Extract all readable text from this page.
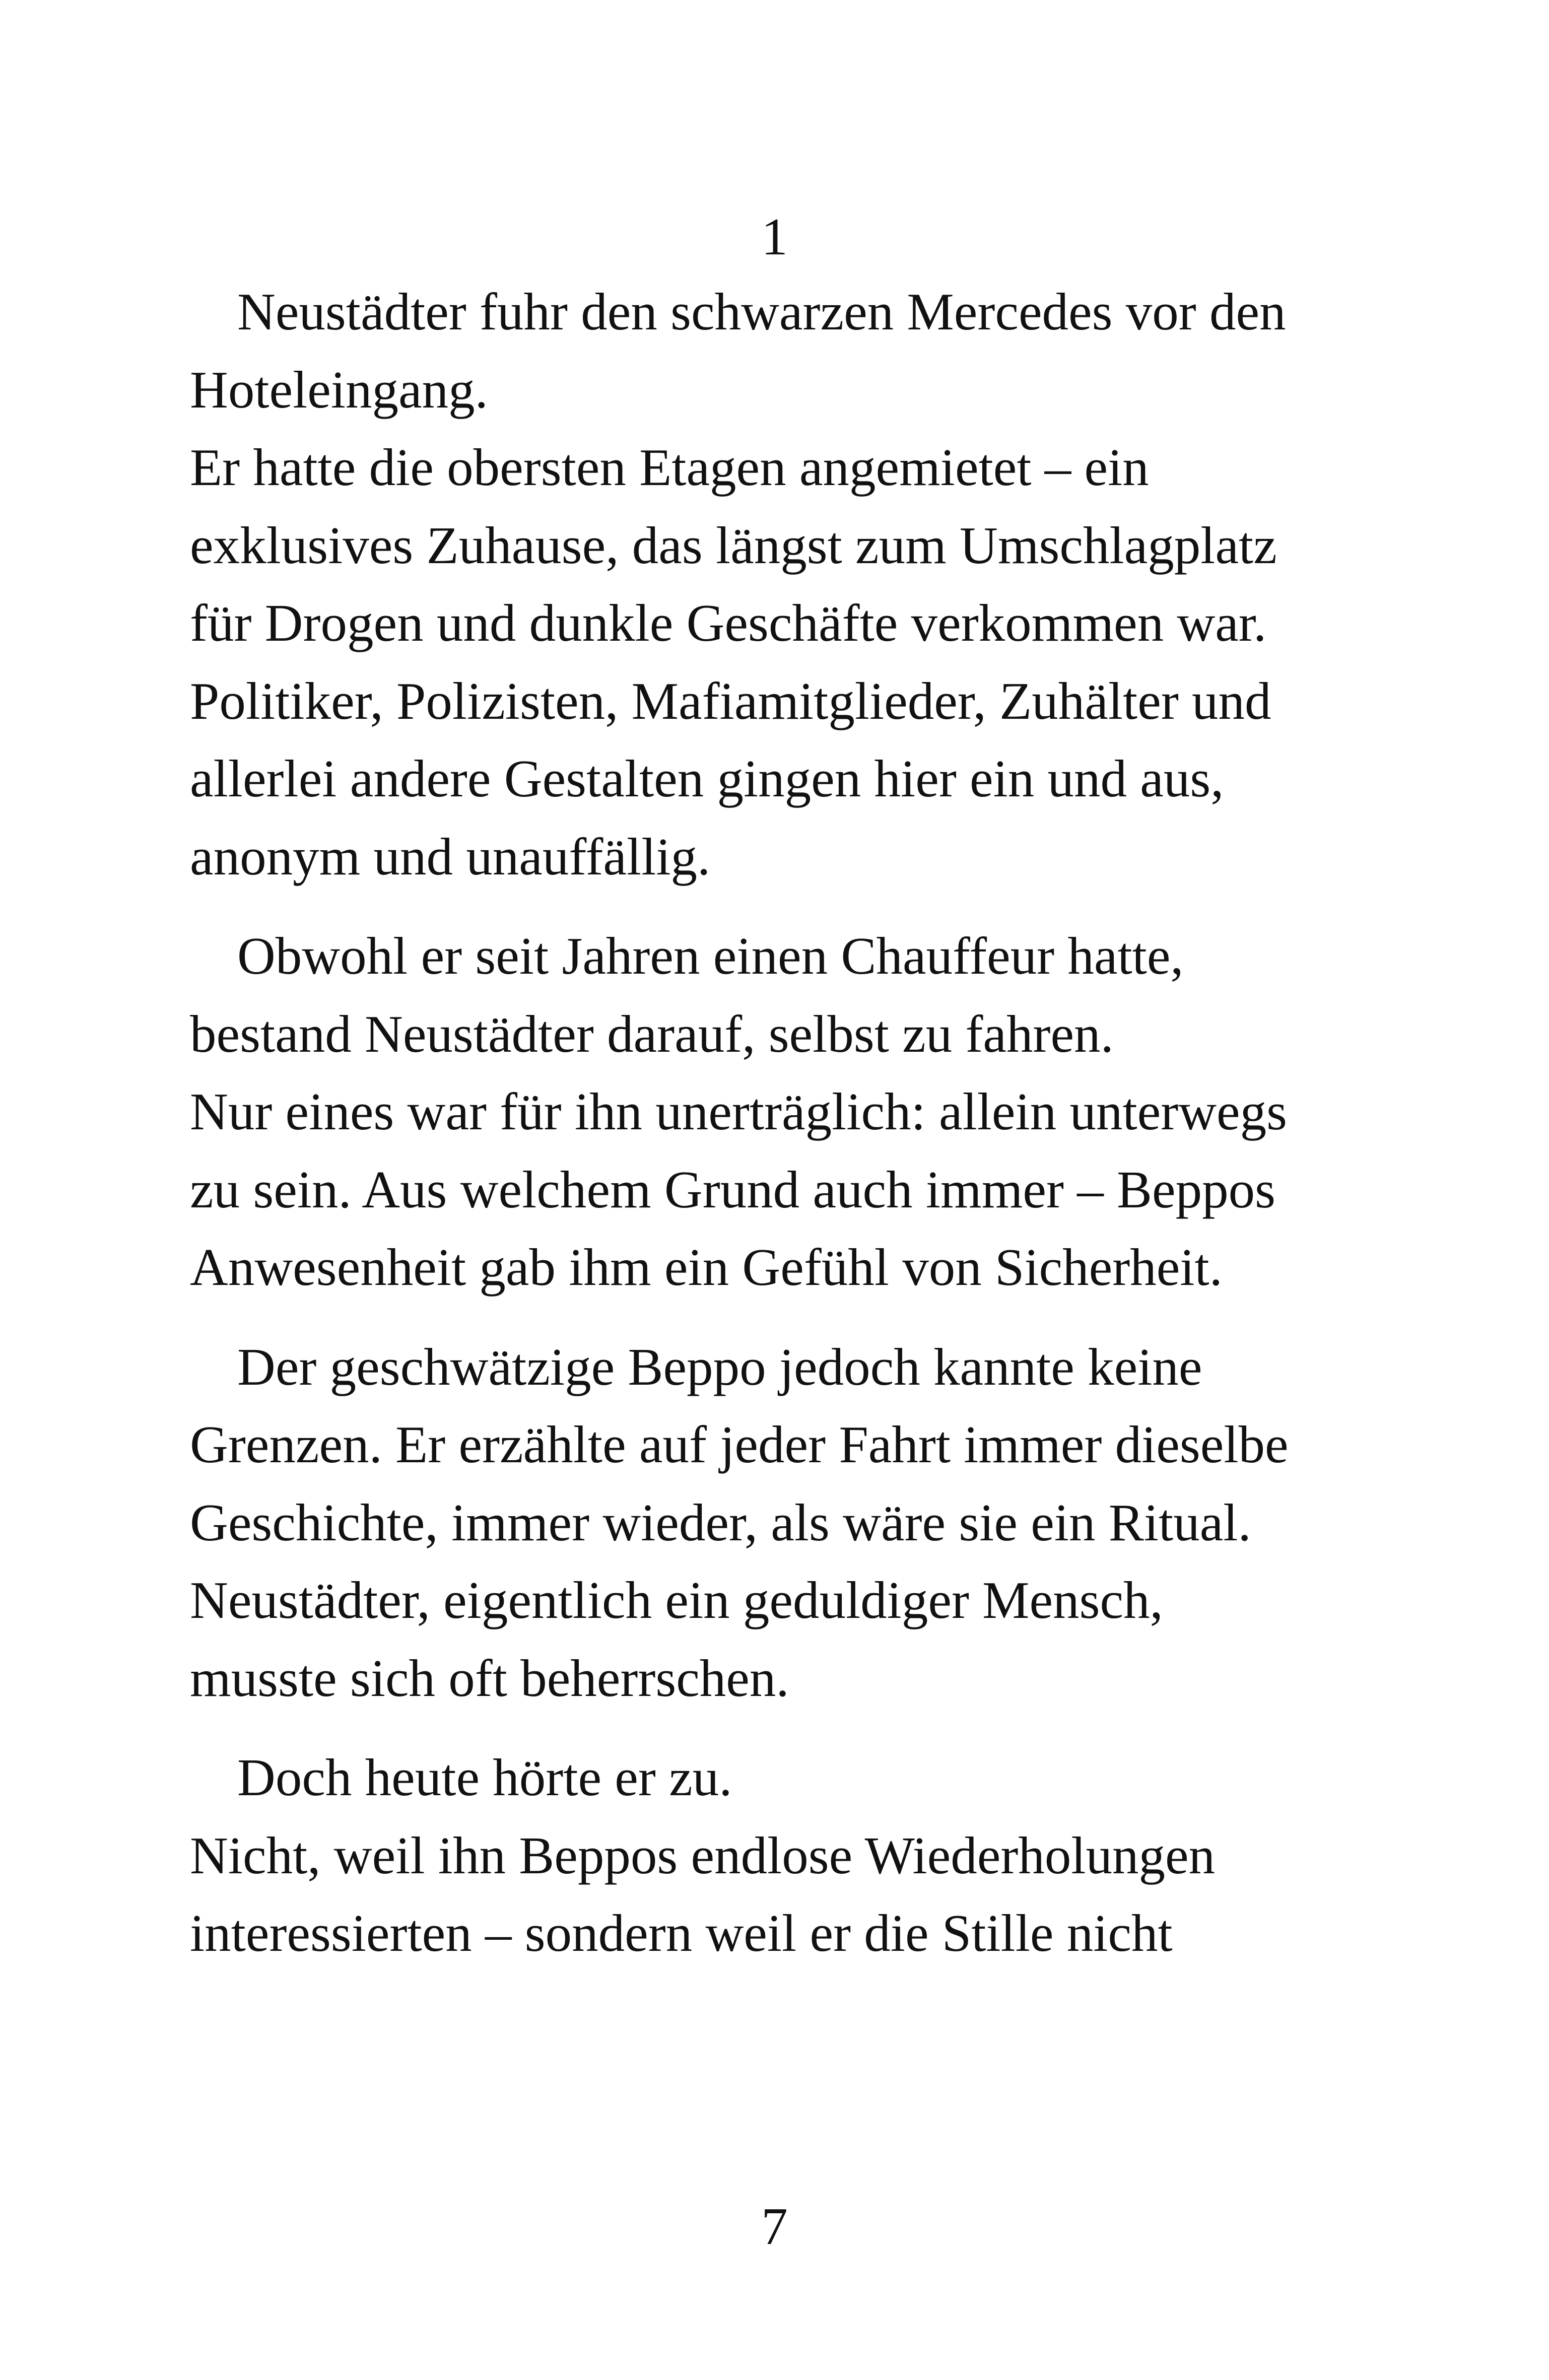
1
Neustädter fuhr den schwarzen Mercedes vor den
Hoteleingang.
Er hatte die obersten Etagen angemietet – ein
exklusives Zuhause, das längst zum Umschlagplatz
für Drogen und dunkle Geschäfte verkommen war.
Politiker, Polizisten, Mafiamitglieder, Zuhälter und
allerlei andere Gestalten gingen hier ein und aus,
anonym und unauffällig.
Obwohl er seit Jahren einen Chauffeur hatte,
bestand Neustädter darauf, selbst zu fahren.
Nur eines war für ihn unerträglich: allein unterwegs
zu sein. Aus welchem Grund auch immer – Beppos
Anwesenheit gab ihm ein Gefühl von Sicherheit.
Der geschwätzige Beppo jedoch kannte keine
Grenzen. Er erzählte auf jeder Fahrt immer dieselbe
Geschichte, immer wieder, als wäre sie ein Ritual.
Neustädter, eigentlich ein geduldiger Mensch,
musste sich oft beherrschen.
Doch heute hörte er zu.
Nicht, weil ihn Beppos endlose Wiederholungen
interessierten – sondern weil er die Stille nicht
7
